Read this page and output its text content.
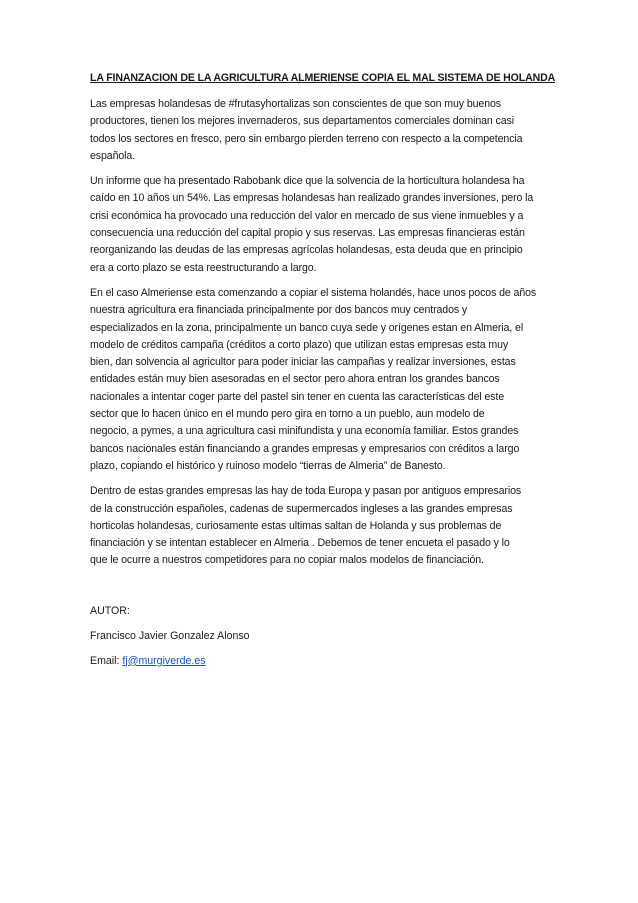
LA FINANZACION DE LA AGRICULTURA ALMERIENSE COPIA EL MAL SISTEMA DE HOLANDA
Las empresas holandesas de #frutasyhortalizas son conscientes de que son muy buenos
productores, tienen los mejores invernaderos, sus departamentos comerciales dominan casi
todos los sectores en fresco, pero sin embargo pierden terreno con respecto a la competencia
española.
Un informe que ha presentado Rabobank dice que la solvencia de la horticultura holandesa ha
caído en 10 años un 54%. Las empresas holandesas han realizado grandes inversiones, pero la
crisi económica ha provocado una reducción del valor en mercado de sus viene inmuebles y a
consecuencia una reducción del capital propio y sus reservas. Las empresas financieras están
reorganizando las deudas de las empresas agrícolas holandesas, esta deuda que en principio
era a corto plazo se esta reestructurando a largo.
En el caso Almeriense esta comenzando a copiar el sistema holandés, hace unos pocos de años
nuestra agricultura era financiada principalmente por dos bancos muy centrados y
especializados en la zona, principalmente un banco cuya sede y orígenes estan en Almeria, el
modelo de créditos campaña (créditos a corto plazo) que utilizan estas empresas esta muy
bien, dan solvencia al agricultor para poder iniciar las campañas y realizar inversiones, estas
entidades están muy bien asesoradas en el sector pero ahora entran los grandes bancos
nacionales a intentar coger parte del pastel sin tener en cuenta las características del este
sector que lo hacen único en el mundo pero gira en torno a un pueblo, aun modelo de
negocio, a pymes, a una agricultura casi minifundista y una economía familiar. Estos grandes
bancos nacionales están financiando a grandes empresas y empresarios con créditos a largo
plazo, copiando el histórico y ruinoso modelo “tierras de Almeria” de Banesto.
Dentro de estas grandes empresas las hay de toda Europa y pasan por antiguos empresarios
de la construcción españoles, cadenas de supermercados ingleses a las grandes empresas
horticolas holandesas, curiosamente estas ultimas saltan de Holanda y sus problemas de
financiación y se intentan establecer en Almeria . Debemos de tener encueta el pasado y lo
que le ocurre a nuestros competidores para no copiar malos modelos de financiación.
AUTOR:
Francisco Javier Gonzalez Alonso
Email: fj@murgiverde.es
